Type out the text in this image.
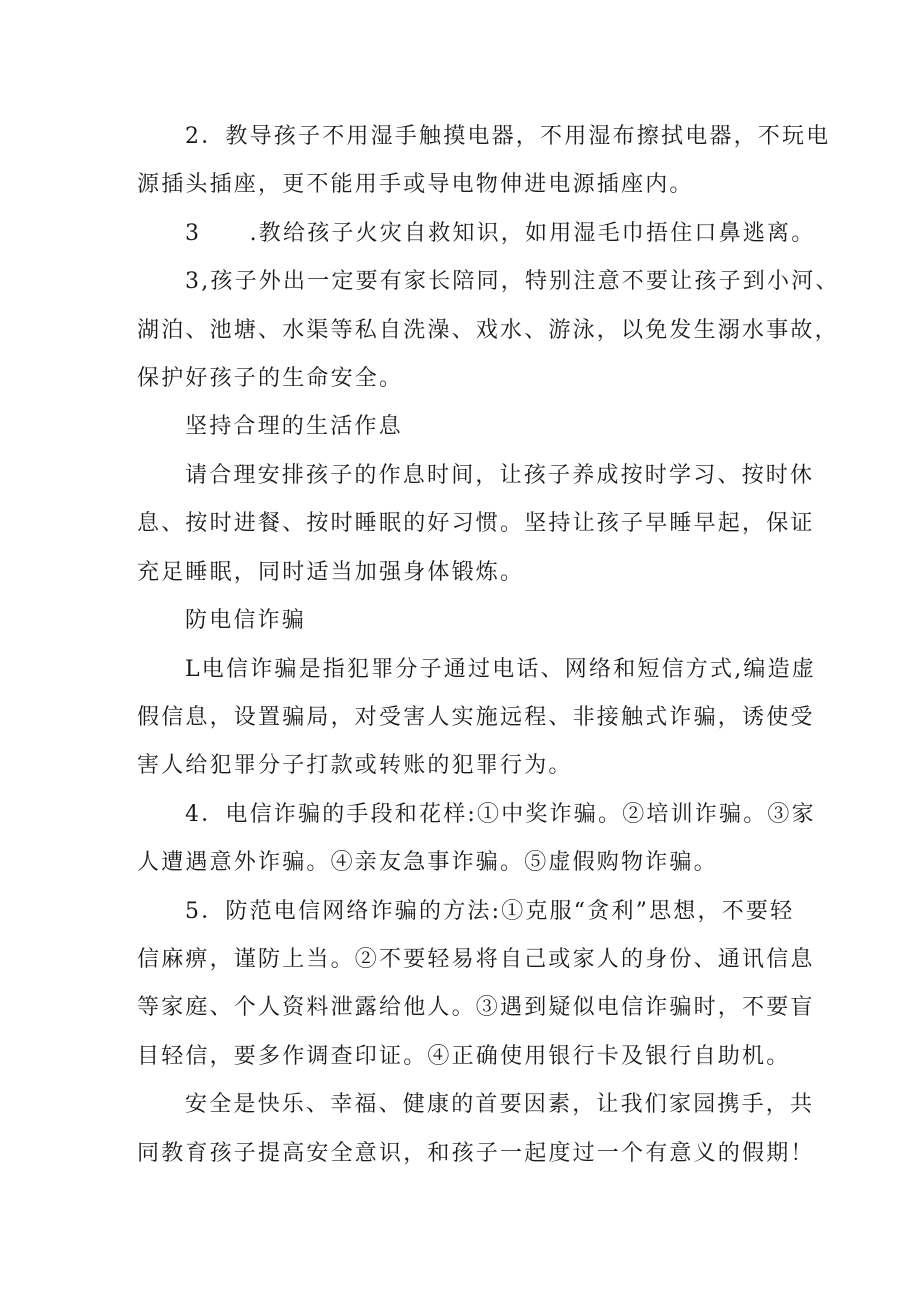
2．教导孩子不用湿手触摸电器，不用湿布擦拭电器，不玩电
源插头插座，更不能用手或导电物伸进电源插座内。
3　　.教给孩子火灾自救知识，如用湿毛巾捂住口鼻逃离。
3,孩子外出一定要有家长陪同，特别注意不要让孩子到小河、
湖泊、池塘、水渠等私自洗澡、戏水、游泳，以免发生溺水事故，
保护好孩子的生命安全。
坚持合理的生活作息
请合理安排孩子的作息时间，让孩子养成按时学习、按时休
息、按时进餐、按时睡眠的好习惯。坚持让孩子早睡早起，保证
充足睡眠，同时适当加强身体锻炼。
防电信诈骗
L电信诈骗是指犯罪分子通过电话、网络和短信方式,编造虚
假信息，设置骗局，对受害人实施远程、非接触式诈骗，诱使受
害人给犯罪分子打款或转账的犯罪行为。
4．电信诈骗的手段和花样:①中奖诈骗。②培训诈骗。③家
人遭遇意外诈骗。④亲友急事诈骗。⑤虚假购物诈骗。
5．防范电信网络诈骗的方法:①克服“贪利”思想，不要轻
信麻痹，谨防上当。②不要轻易将自己或家人的身份、通讯信息
等家庭、个人资料泄露给他人。③遇到疑似电信诈骗时，不要盲
目轻信，要多作调查印证。④正确使用银行卡及银行自助机。
安全是快乐、幸福、健康的首要因素，让我们家园携手，共
同教育孩子提高安全意识，和孩子一起度过一个有意义的假期！
